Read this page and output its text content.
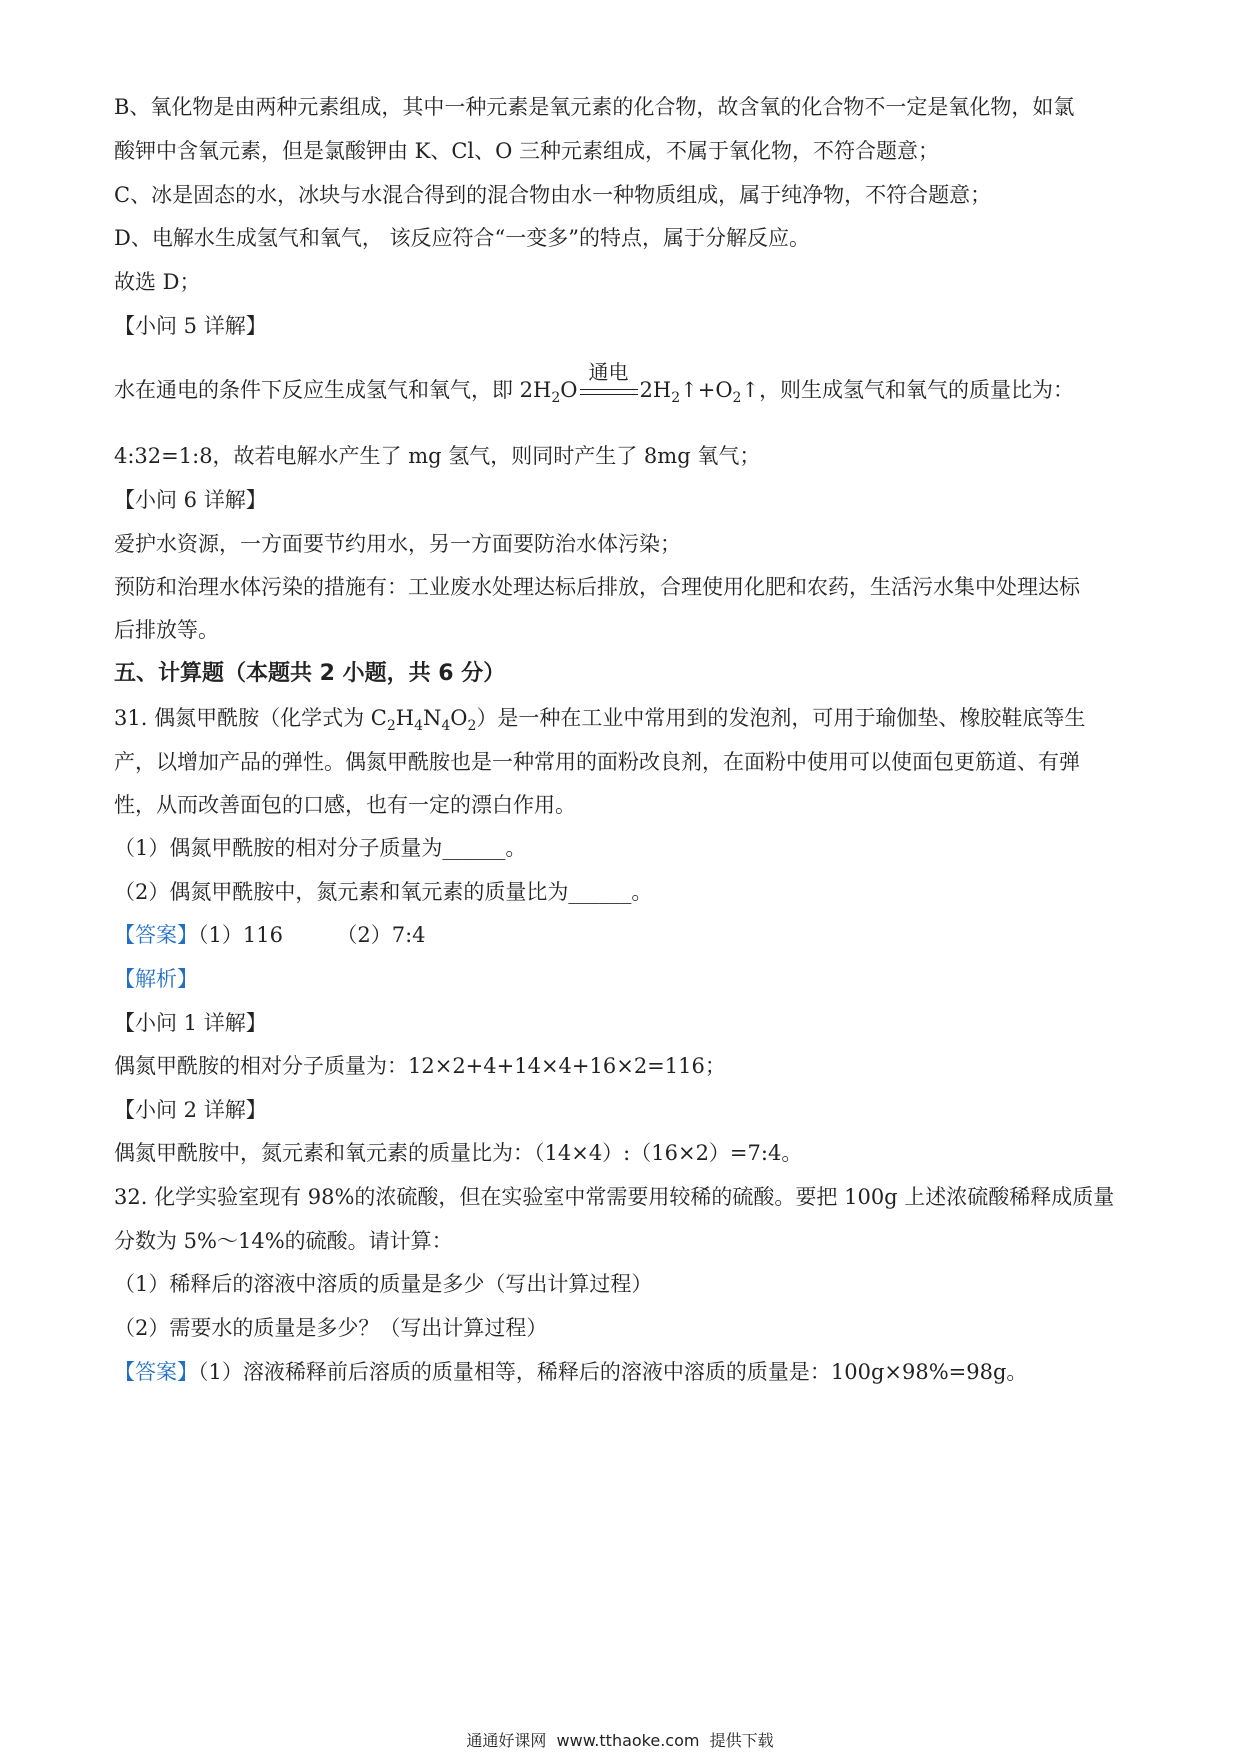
B、氧化物是由两种元素组成，其中一种元素是氧元素的化合物，故含氧的化合物不一定是氧化物，如氯
酸钾中含氧元素，但是氯酸钾由 K、Cl、O 三种元素组成，不属于氧化物，不符合题意；
C、冰是固态的水，冰块与水混合得到的混合物由水一种物质组成，属于纯净物，不符合题意；
D、电解水生成氢气和氧气， 该反应符合“一变多”的特点，属于分解反应。
故选 D；
【小问 5 详解】
水在通电的条件下反应生成氢气和氧气，即 $2H_2O$
通电
$2H_2↑+O_2↑$，则生成氢气和氧气的质量比为：
4:32=1:8，故若电解水产生了 mg 氢气，则同时产生了 8mg 氧气；
【小问 6 详解】
爱护水资源，一方面要节约用水，另一方面要防治水体污染；
预防和治理水体污染的措施有：工业废水处理达标后排放，合理使用化肥和农药，生活污水集中处理达标
后排放等。
五、计算题（本题共 2 小题，共 6 分）
31. 偶氮甲酰胺（化学式为 $C_2H_4N_4O_2$）是一种在工业中常用到的发泡剂，可用于瑜伽垫、橡胶鞋底等生
产，以增加产品的弹性。偶氮甲酰胺也是一种常用的面粉改良剂，在面粉中使用可以使面包更筋道、有弹
性，从而改善面包的口感，也有一定的漂白作用。
（1）偶氮甲酰胺的相对分子质量为______。
（2）偶氮甲酰胺中，氮元素和氧元素的质量比为______。
【答案】（1）116        （2）7:4
【解析】
【小问 1 详解】
偶氮甲酰胺的相对分子质量为：12×2+4+14×4+16×2=116；
【小问 2 详解】
偶氮甲酰胺中，氮元素和氧元素的质量比为：（14×4）:（16×2）=7:4。
32. 化学实验室现有 98%的浓硫酸，但在实验室中常需要用较稀的硫酸。要把 100g 上述浓硫酸稀释成质量
分数为 5%～14%的硫酸。请计算：
（1）稀释后的溶液中溶质的质量是多少（写出计算过程）
（2）需要水的质量是多少？（写出计算过程）
【答案】（1）溶液稀释前后溶质的质量相等，稀释后的溶液中溶质的质量是：100g×98%=98g。
通通好课网  www.tthaoke.com  提供下载
